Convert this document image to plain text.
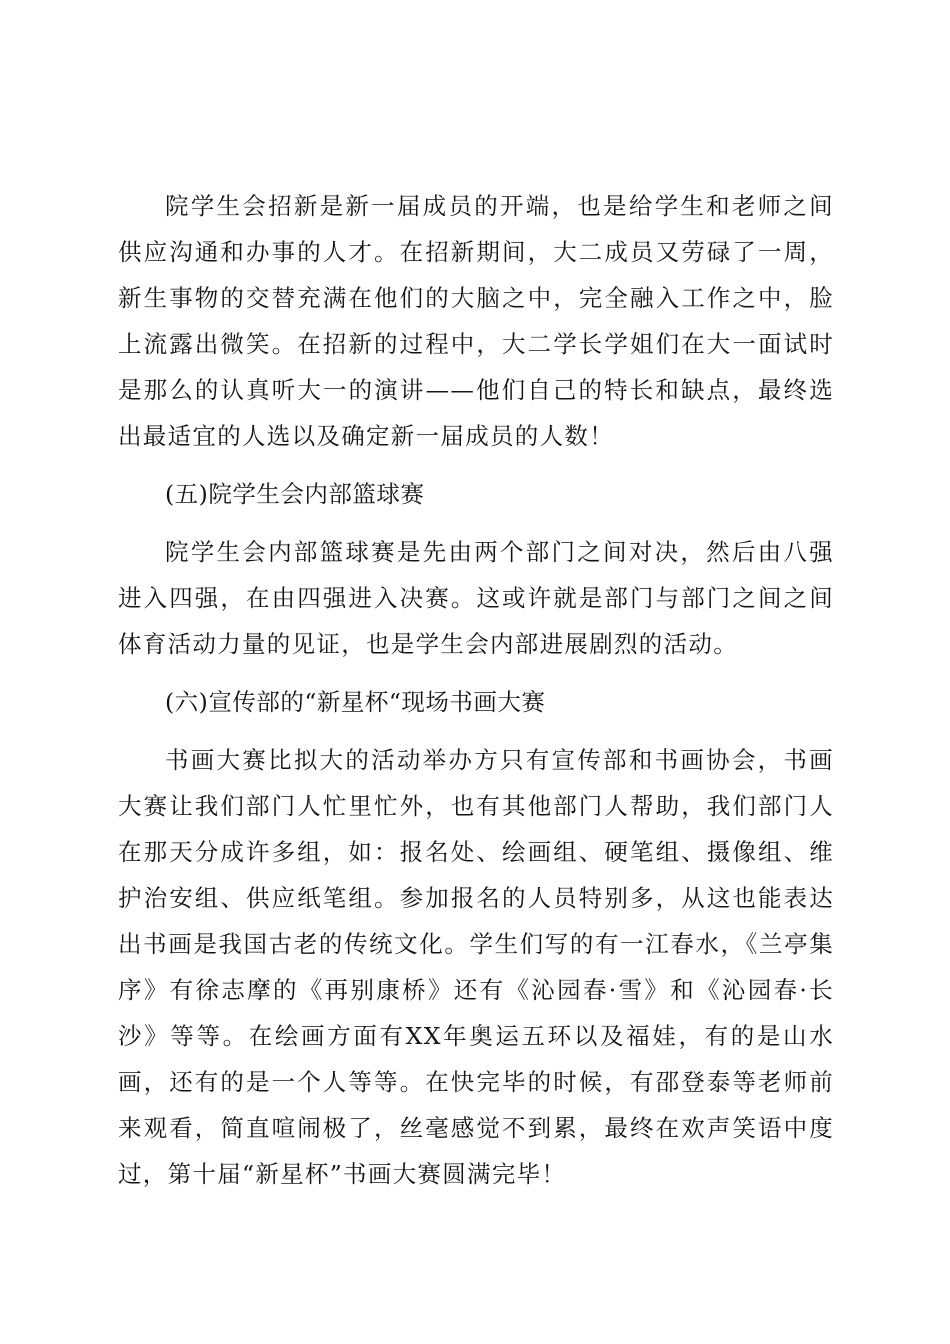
院学生会招新是新一届成员的开端，也是给学生和老师之间供应沟通和办事的人才。在招新期间，大二成员又劳碌了一周，新生事物的交替充满在他们的大脑之中，完全融入工作之中，脸上流露出微笑。在招新的过程中，大二学长学姐们在大一面试时是那么的认真听大一的演讲——他们自己的特长和缺点，最终选出最适宜的人选以及确定新一届成员的人数！

(五)院学生会内部篮球赛

院学生会内部篮球赛是先由两个部门之间对决，然后由八强进入四强，在由四强进入决赛。这或许就是部门与部门之间之间体育活动力量的见证，也是学生会内部进展剧烈的活动。

(六)宣传部的“新星杯“现场书画大赛

书画大赛比拟大的活动举办方只有宣传部和书画协会，书画大赛让我们部门人忙里忙外，也有其他部门人帮助，我们部门人在那天分成许多组，如：报名处、绘画组、硬笔组、摄像组、维护治安组、供应纸笔组。参加报名的人员特别多，从这也能表达出书画是我国古老的传统文化。学生们写的有一江春水，《兰亭集序》有徐志摩的《再别康桥》还有《沁园春·雪》和《沁园春·长沙》等等。在绘画方面有XX年奥运五环以及福娃，有的是山水画，还有的是一个人等等。在快完毕的时候，有邵登泰等老师前来观看，简直喧闹极了，丝毫感觉不到累，最终在欢声笑语中度过，第十届“新星杯”书画大赛圆满完毕！
